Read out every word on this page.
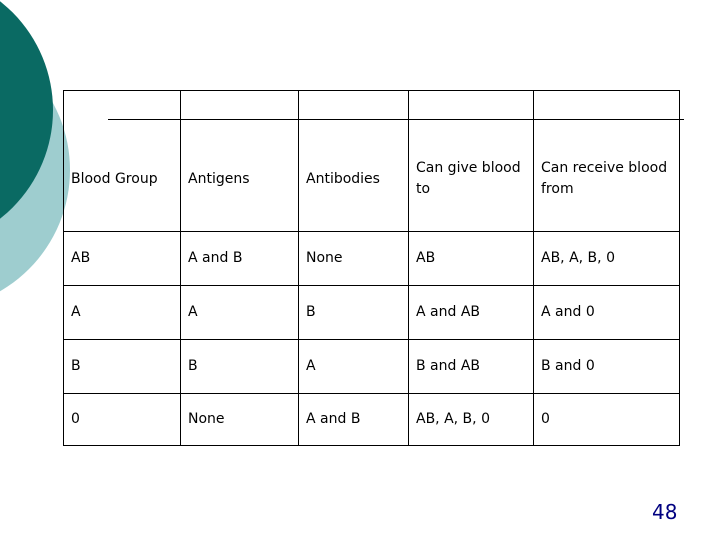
Blood Group	Antigens	Antibodies	Can give blood to	Can receive blood from
AB	A and B	None	AB	AB, A, B, 0
A	A	B	A and AB	A and 0
B	B	A	B and AB	B and 0
0	None	A and B	AB, A, B, 0	0
48
